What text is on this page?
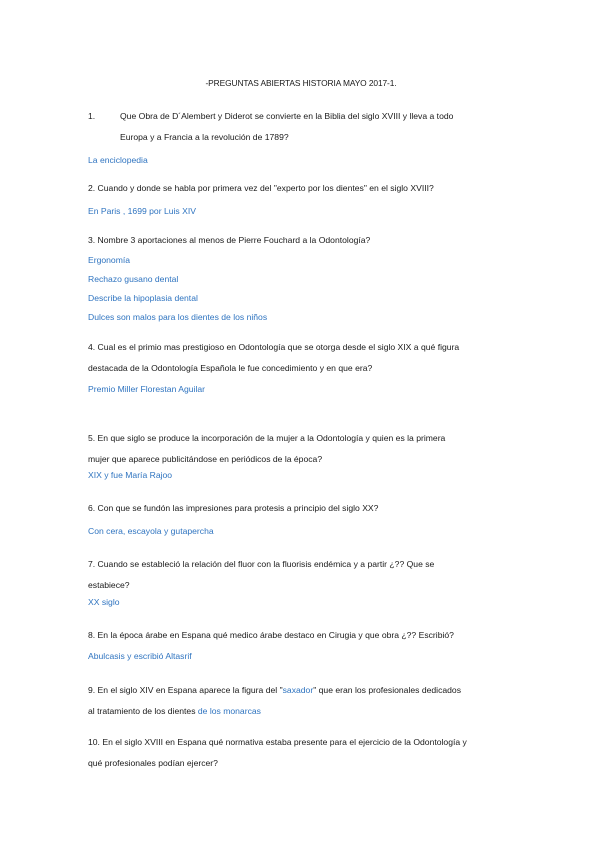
-PREGUNTAS ABIERTAS HISTORIA MAYO 2017-1.

1.	Que Obra de D´Alembert y Diderot se convierte en la Biblia del siglo XVIII y lleva a todo

Europa y a Francia a la revolución de 1789?

La enciclopedia

2. Cuando y donde se habla por primera vez del "experto por los dientes" en el siglo XVIII?

En Paris , 1699 por Luis XIV

3. Nombre 3 aportaciones al menos de Pierre Fouchard a la Odontología?

Ergonomía

Rechazo gusano dental

Describe la hipoplasia dental

Dulces son malos para los dientes de los niños

4. Cual es el primio mas prestigioso en Odontología que se otorga desde el siglo XIX a qué figura

destacada de la Odontología Española le fue concedimiento y en que era?

Premio Miller Florestan Aguilar

5. En que siglo se produce la incorporación de la mujer a la Odontología y quien es la primera

mujer que aparece publicitándose en periódicos de la época?

XIX y fue María Rajoo

6. Con que se fundón las impresiones para protesis a principio del siglo XX?

Con cera, escayola y gutapercha

7. Cuando se estableció la relación del fluor con la fluorisis endémica y a partir ¿?? Que se

estabiece?

XX siglo

8. En la época árabe en Espana qué medico árabe destaco en Cirugia y que obra ¿?? Escribió?

Abulcasis y escribió Altasrif

9. En el siglo XIV en Espana aparece la figura del "saxador" que eran los profesionales dedicados

al tratamiento de los dientes de los monarcas

10. En el siglo XVIII en Espana qué normativa estaba presente para el ejercicio de la Odontología y

qué profesionales podían ejercer?
